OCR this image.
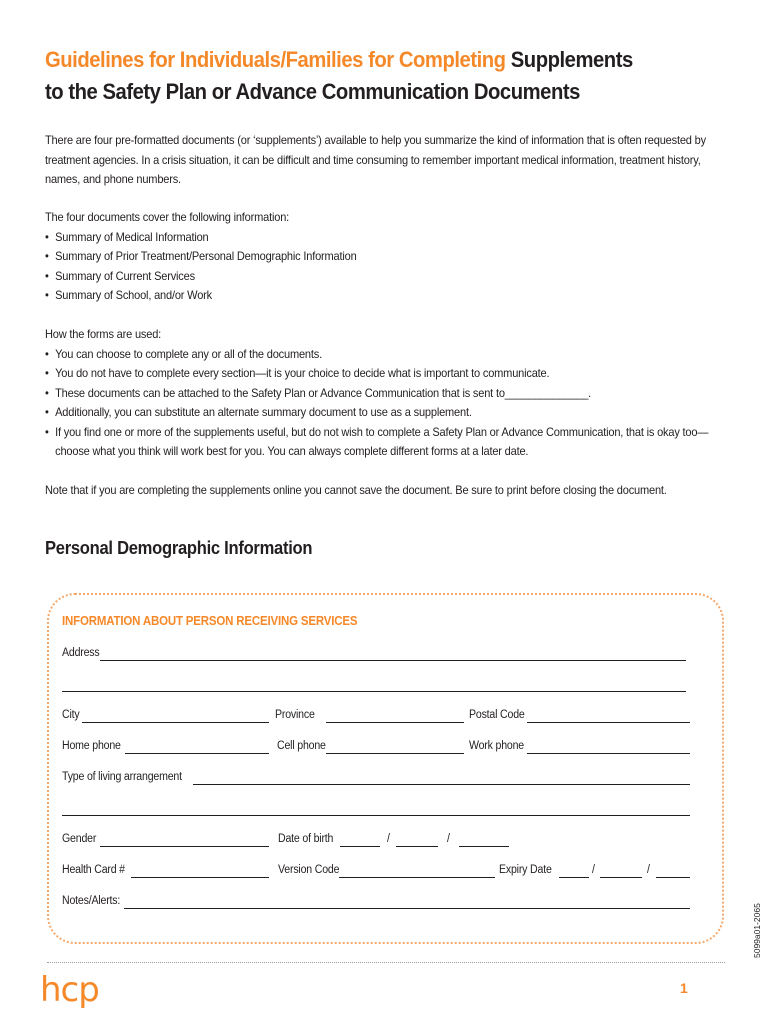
Guidelines for Individuals/Families for Completing Supplements
to the Safety Plan or Advance Communication Documents

There are four pre-formatted documents (or ‘supplements’) available to help you summarize the kind of information that is often requested by treatment agencies. In a crisis situation, it can be difficult and time consuming to remember important medical information, treatment history, names, and phone numbers.

The four documents cover the following information:

• Summary of Medical Information
• Summary of Prior Treatment/Personal Demographic Information
• Summary of Current Services
• Summary of School, and/or Work

How the forms are used:

• You can choose to complete any or all of the documents.
• You do not have to complete every section—it is your choice to decide what is important to communicate.
• These documents can be attached to the Safety Plan or Advance Communication that is sent to______________.
• Additionally, you can substitute an alternate summary document to use as a supplement.
• If you find one or more of the supplements useful, but do not wish to complete a Safety Plan or Advance Communication, that is okay too—choose what you think will work best for you. You can always complete different forms at a later date.

Note that if you are completing the supplements online you cannot save the document. Be sure to print before closing the document.

Personal Demographic Information
INFORMATION ABOUT PERSON RECEIVING SERVICES
Address
City	Province	Postal Code
Home phone	Cell phone	Work phone
Type of living arrangement
Gender	Date of birth	/	/
Health Card #	Version Code	Expiry Date	/	/
Notes/Alerts:
hcp	1
5099a01-2065
